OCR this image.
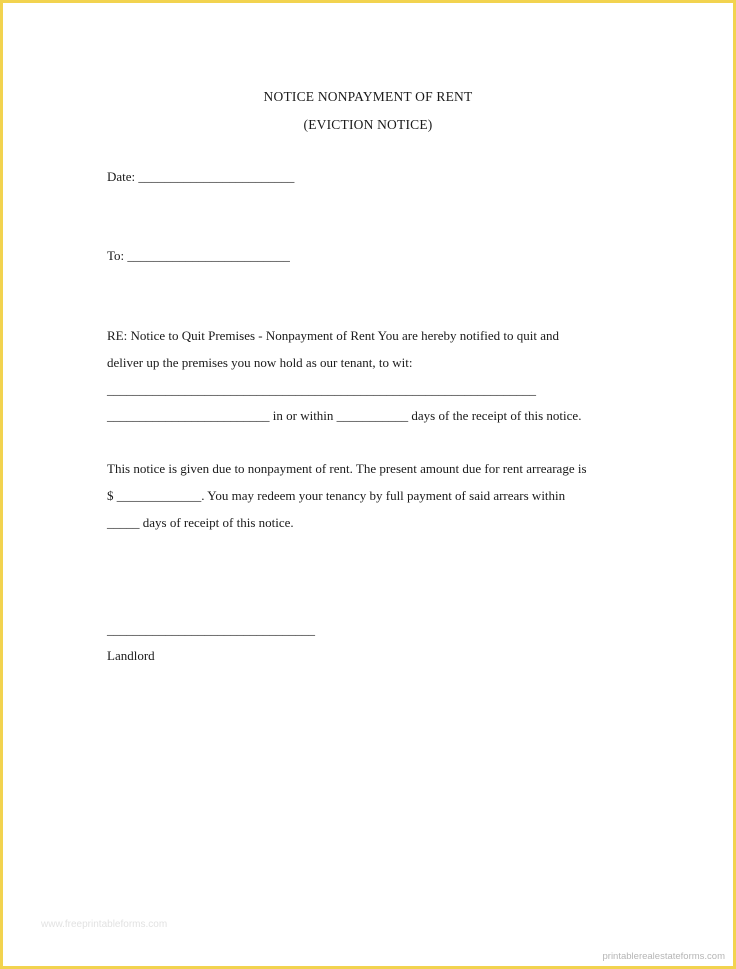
NOTICE NONPAYMENT OF RENT
(EVICTION NOTICE)
Date: ________________________
To: _________________________
RE: Notice to Quit Premises - Nonpayment of Rent You are hereby notified to quit and
deliver up the premises you now hold as our tenant, to wit:
__________________________________________________________________
_________________________ in or within ___________ days of the receipt of this notice.
This notice is given due to nonpayment of rent. The present amount due for rent arrearage is
$ _____________. You may redeem your tenancy by full payment of said arrears within
_____ days of receipt of this notice.
________________________________
Landlord
www.freeprintableforms.com
printablerealestateforms.com
